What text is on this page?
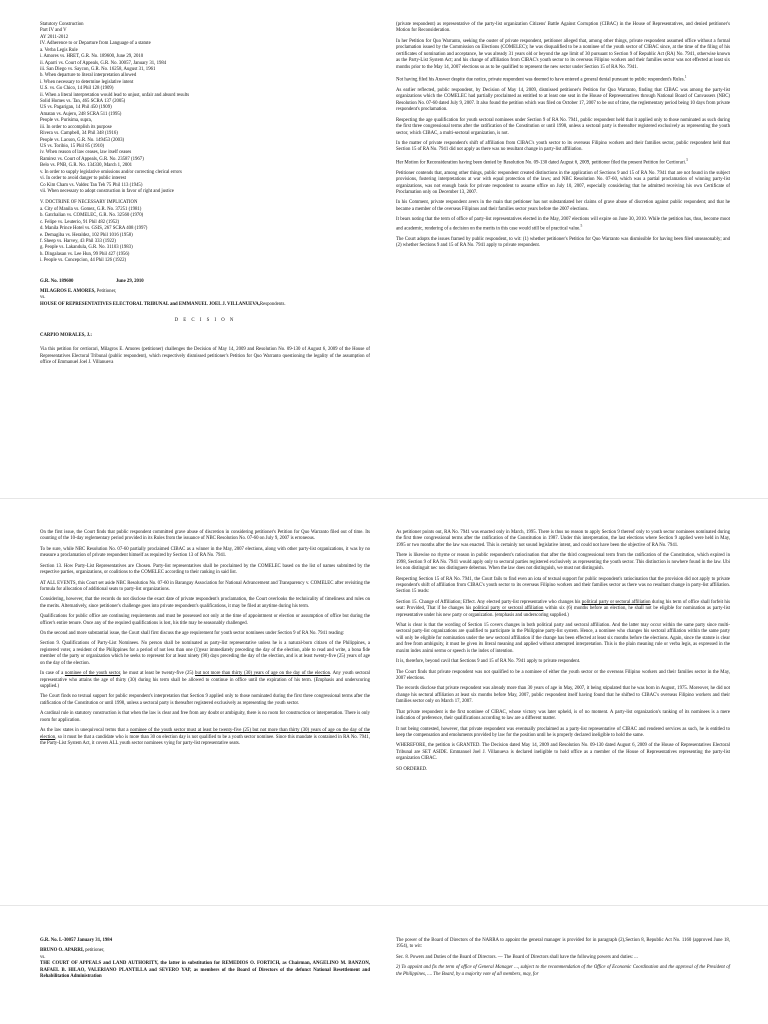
Statutory Construction
Part IV and V
AY 2011-2012
IV. Adherence to or Departure from Language of a statute
a. Verba Legis Rule
i. Amores vs. HRET, G.R. No. 189600, June 29, 2010
ii. Aparri vs. Court of Appeals, G.R. No. 30057, January 31, 1984
iii. San Diego vs. Saycon, G.R. No. 16258, August 31, 1961
b. When departure to literal interpretation allowed
i. When necessary to determine legislative intent
U.S. vs. Go Chico, 14 Phil 128 (1909)
ii. When a literal interpretation would lead to unjust, unfair and absurd results
Solid Homes vs. Tan, 465 SCRA 137 (2005)
US vs. Pagarigan, 14 Phil 450 (1909)
Amatan vs. Aujero, 248 SCRA 511 (1995)
People vs. Purisima, supra,
iii. In order to accomplish its purpose
Rivera vs. Campbell, 34 Phil 348 (1916)
People vs. Lacson, G.R. No. 149453 (2003)
US vs. Toribio, 15 Phil 85 (1910)
iv. When reason of law ceases, law itself ceases
Ramirez vs. Court of Appeals, G.R. No. 23587 (1967)
Belo vs. PNB, G.R. No. 134330, March 1, 2001
v. In order to supply legislative omissions and/or correcting clerical errors
vi. In order to avoid danger to public interest
Co Kim Cham vs. Valdez Tan Teh 75 Phil 113 (1945)
vii. When necessary to adopt construction in favor of right and justice
V. DOCTRINE OF NECESSARY IMPLICATION
a. City of Manila vs. Gomez, G.R. No. 37251 (1981)
b. Gatchalian vs. COMELEC, G.R. No. 32560 (1970)
c. Felipe vs. Leuterio, 91 Phil 482 (1952)
d. Manila Prince Hotel vs. GSIS, 267 SCRA 408 (1997)
e. Demagiba vs. Heraldez, 102 Phil 1016 (1958)
f. Sheep vs. Harvey, 43 Phil 333 (1922)
g. People vs. Lakandula, G.R. No. 31103 (1983)
h. Dingalasan vs. Lee Hun, 99 Phil 427 (1956)
i. People vs. Concepcion, 44 Phil 126 (1922)

G.R. No. 189600	June 29, 2010

MILAGROS E. AMORES, Petitioner,
vs.
HOUSE OF REPRESENTATIVES ELECTORAL TRIBUNAL and EMMANUEL JOEL J. VILLANUEVA,Respondents.

D E C I S I O N

CARPIO MORALES, J.:

Via this petition for certiorari, Milagros E. Amores (petitioner) challenges the Decision of May 14, 2009 and Resolution No. 09-130 of August 6, 2009 of the House of Representatives Electoral Tribunal (public respondent), which respectively dismissed petitioner's Petition for Quo Warranto questioning the legality of the assumption of office of Emmanuel Joel J. Villanueva

(private respondent) as representative of the party-list organization Citizens' Battle Against Corruption (CIBAC) in the House of Representatives, and denied petitioner's Motion for Reconsideration.

In her Petition for Quo Warranto, seeking the ouster of private respondent, petitioner alleged that, among other things, private respondent assumed office without a formal proclamation issued by the Commission on Elections (COMELEC); he was disqualified to be a nominee of the youth sector of CIBAC since, at the time of the filing of his certificates of nomination and acceptance, he was already 31 years old or beyond the age limit of 30 pursuant to Section 9 of Republic Act (RA) No. 7941, otherwise known as the Party-List System Act; and his change of affiliation from CIBAC's youth sector to its overseas Filipino workers and their families sector was not effected at least six months prior to the May 14, 2007 elections so as to be qualified to represent the new sector under Section 15 of RA No. 7941.

Not having filed his Answer despite due notice, private respondent was deemed to have entered a general denial pursuant to public respondent's Rules.$^1$

As earlier reflected, public respondent, by Decision of May 14, 2009, dismissed petitioner's Petition for Quo Warranto, finding that CIBAC was among the party-list organizations which the COMELEC had partially proclaimed as entitled to at least one seat in the House of Representatives through National Board of Canvassers (NBC) Resolution No. 07-60 dated July 9, 2007. It also found the petition which was filed on October 17, 2007 to be out of time, the reglementary period being 10 days from private respondent's proclamation.

Respecting the age qualification for youth sectoral nominees under Section 9 of RA No. 7941, public respondent held that it applied only to those nominated as such during the first three congressional terms after the ratification of the Constitution or until 1998, unless a sectoral party is thereafter registered exclusively as representing the youth sector, which CIBAC, a multi-sectoral organization, is not.

In the matter of private respondent's shift of affiliation from CIBAC's youth sector to its overseas Filipino workers and their families sector, public respondent held that Section 15 of RA No. 7941 did not apply as there was no resultant change in party-list affiliation.

Her Motion for Reconsideration having been denied by Resolution No. 09-130 dated August 6, 2009, petitioner filed the present Petition for Certiorari.$^3$

Petitioner contends that, among other things, public respondent created distinctions in the application of Sections 9 and 15 of RA No. 7941 that are not found in the subject provisions, fostering interpretations at war with equal protection of the laws; and NBC Resolution No. 07-60, which was a partial proclamation of winning party-list organizations, was not enough basis for private respondent to assume office on July 10, 2007, especially considering that he admitted receiving his own Certificate of Proclamation only on December 13, 2007.

In his Comment, private respondent avers in the main that petitioner has not substantiated her claims of grave abuse of discretion against public respondent; and that he became a member of the overseas Filipinos and their families sector years before the 2007 elections.

It bears noting that the term of office of party-list representatives elected in the May, 2007 elections will expire on June 30, 2010. While the petition has, thus, become moot and academic, rendering of a decision on the merits in this case would still be of practical value.$^5$

The Court adopts the issues framed by public respondent, to wit: (1) whether petitioner's Petition for Quo Warranto was dismissible for having been filed unseasonably; and (2) whether Sections 9 and 15 of RA No. 7941 apply to private respondent.

On the first issue, the Court finds that public respondent committed grave abuse of discretion in considering petitioner's Petition for Quo Warranto filed out of time. Its counting of the 10-day reglementary period provided in its Rules from the issuance of NBC Resolution No. 07-60 on July 9, 2007 is erroneous.

To be sure, while NBC Resolution No. 07-60 partially proclaimed CIBAC as a winner in the May, 2007 elections, along with other party-list organizations, it was by no measure a proclamation of private respondent himself as required by Section 13 of RA No. 7941.

Section 13. How Party-List Representatives are Chosen. Party-list representatives shall be proclaimed by the COMELEC based on the list of names submitted by the respective parties, organizations, or coalitions to the COMELEC according to their ranking in said list.

AT ALL EVENTS, this Court set aside NBC Resolution No. 07-60 in Barangay Association for National Advancement and Transparency v. COMELEC after revisiting the formula for allocation of additional seats to party-list organizations.

Considering, however, that the records do not disclose the exact date of private respondent's proclamation, the Court overlooks the technicality of timeliness and rules on the merits. Alternatively, since petitioner's challenge goes into private respondent's qualifications, it may be filed at anytime during his term.

Qualifications for public office are continuing requirements and must be possessed not only at the time of appointment or election or assumption of office but during the officer's entire tenure. Once any of the required qualifications is lost, his title may be seasonably challenged.

On the second and more substantial issue, the Court shall first discuss the age requirement for youth sector nominees under Section 9 of RA No. 7941 reading:

Section 9. Qualifications of Party-List Nominees. No person shall be nominated as party-list representative unless he is a natural-born citizen of the Philippines, a registered voter, a resident of the Philippines for a period of not less than one (1)year immediately preceding the day of the election, able to read and write, a bona fide member of the party or organization which he seeks to represent for at least ninety (90) days preceding the day of the election, and is at least twenty-five (25) years of age on the day of the election.

In case of a nominee of the youth sector, he must at least be twenty-five (25) but not more than thirty (30) years of age on the day of the election. Any youth sectoral representative who attains the age of thirty (30) during his term shall be allowed to continue in office until the expiration of his term. (Emphasis and underscoring supplied.)

The Court finds no textual support for public respondent's interpretation that Section 9 applied only to those nominated during the first three congressional terms after the ratification of the Constitution or until 1998, unless a sectoral party is thereafter registered exclusively as representing the youth sector.

A cardinal rule in statutory construction is that when the law is clear and free from any doubt or ambiguity, there is no room for construction or interpretation. There is only room for application.

As the law states in unequivocal terms that a nominee of the youth sector must at least be twenty-five (25) but not more than thirty (30) years of age on the day of the election, so it must be that a candidate who is more than 30 on election day is not qualified to be a youth sector nominee. Since this mandate is contained in RA No. 7941, the Party-List System Act, it covers ALL youth sector nominees vying for party-list representative seats.

As petitioner points out, RA No. 7941 was enacted only in March, 1995. There is thus no reason to apply Section 9 thereof only to youth sector nominees nominated during the first three congressional terms after the ratification of the Constitution in 1987. Under this interpretation, the last elections where Section 9 applied were held in May, 1995 or two months after the law was enacted. This is certainly not sound legislative intent, and could not have been the objective of RA No. 7941.

There is likewise no rhyme or reason in public respondent's ratiocination that after the third congressional term from the ratification of the Constitution, which expired in 1998, Section 9 of RA No. 7941 would apply only to sectoral parties registered exclusively as representing the youth sector. This distinction is nowhere found in the law. Ubi lex non distinguit nec nos distinguere debemus. When the law does not distinguish, we must not distinguish.

Respecting Section 15 of RA No. 7941, the Court fails to find even an iota of textual support for public respondent's ratiocination that the provision did not apply to private respondent's shift of affiliation from CIBAC's youth sector to its overseas Filipino workers and their families sector as there was no resultant change in party-list affiliation. Section 15 reads:

Section 15. Change of Affiliation; Effect. Any elected party-list representative who changes his political party or sectoral affiliation during his term of office shall forfeit his seat: Provided, That if he changes his political party or sectoral affiliation within six (6) months before an election, he shall not be eligible for nomination as party-list representative under his new party or organization. (emphasis and underscoring supplied.)

What is clear is that the wording of Section 15 covers changes in both political party and sectoral affiliation. And the latter may occur within the same party since multi-sectoral party-list organizations are qualified to participate in the Philippine party-list system. Hence, a nominee who changes his sectoral affiliation within the same party will only be eligible for nomination under the new sectoral affiliation if the change has been effected at least six months before the elections. Again, since the statute is clear and free from ambiguity, it must be given its literal meaning and applied without attempted interpretation. This is the plain meaning rule or verba legis, as expressed in the maxim index animi sermo or speech is the index of intention.

It is, therefore, beyond cavil that Sections 9 and 15 of RA No. 7941 apply to private respondent.

The Court finds that private respondent was not qualified to be a nominee of either the youth sector or the overseas Filipino workers and their families sector in the May, 2007 elections.

The records disclose that private respondent was already more than 30 years of age in May, 2007, it being stipulated that he was born in August, 1975. Moreover, he did not change his sectoral affiliation at least six months before May, 2007, public respondent itself having found that he shifted to CIBAC's overseas Filipino workers and their families sector only on March 17, 2007.

That private respondent is the first nominee of CIBAC, whose victory was later upheld, is of no moment. A party-list organization's ranking of its nominees is a mere indication of preference, their qualifications according to law are a different matter.

It not being contested, however, that private respondent was eventually proclaimed as a party-list representative of CIBAC and rendered services as such, he is entitled to keep the compensation and emoluments provided by law for the position until he is properly declared ineligible to hold the same.

WHEREFORE, the petition is GRANTED. The Decision dated May 14, 2009 and Resolution No. 09-130 dated August 6, 2009 of the House of Representatives Electoral Tribunal are SET ASIDE. Emmanuel Joel J. Villanueva is declared ineligible to hold office as a member of the House of Representatives representing the party-list organization CIBAC.

SO ORDERED.

G.R. No. L-30057 January 31, 1984

BRUNO O. APARRI, petitioner,
vs.
THE COURT OF APPEALS and LAND AUTHORITY, the latter in substitution for REMEDIOS O. FORTICH, as Chairman, ANGELINO M. BANZON, RAFAEL B. HILAO, VALERIANO PLANTILLA and SEVERO YAP, as members of the Board of Directors of the defunct National Resettlement and Rehabilitation Administration

The power of the Board of Directors of the NARRA to appoint the general manager is provided for in paragraph (2),Section 8, Republic Act No. 1160 (approved June 18, 1954), to wit:

Sec. 8. Powers and Duties of the Board of Directors. — The Board of Directors shall have the following powers and duties: ...

2) To appoint and fix the term of office of General Manager ..., subject to the recommendation of the Office of Economic Coordination and the approval of the President of the Philippines, .... The Board, by a majority vote of all members, may, for
